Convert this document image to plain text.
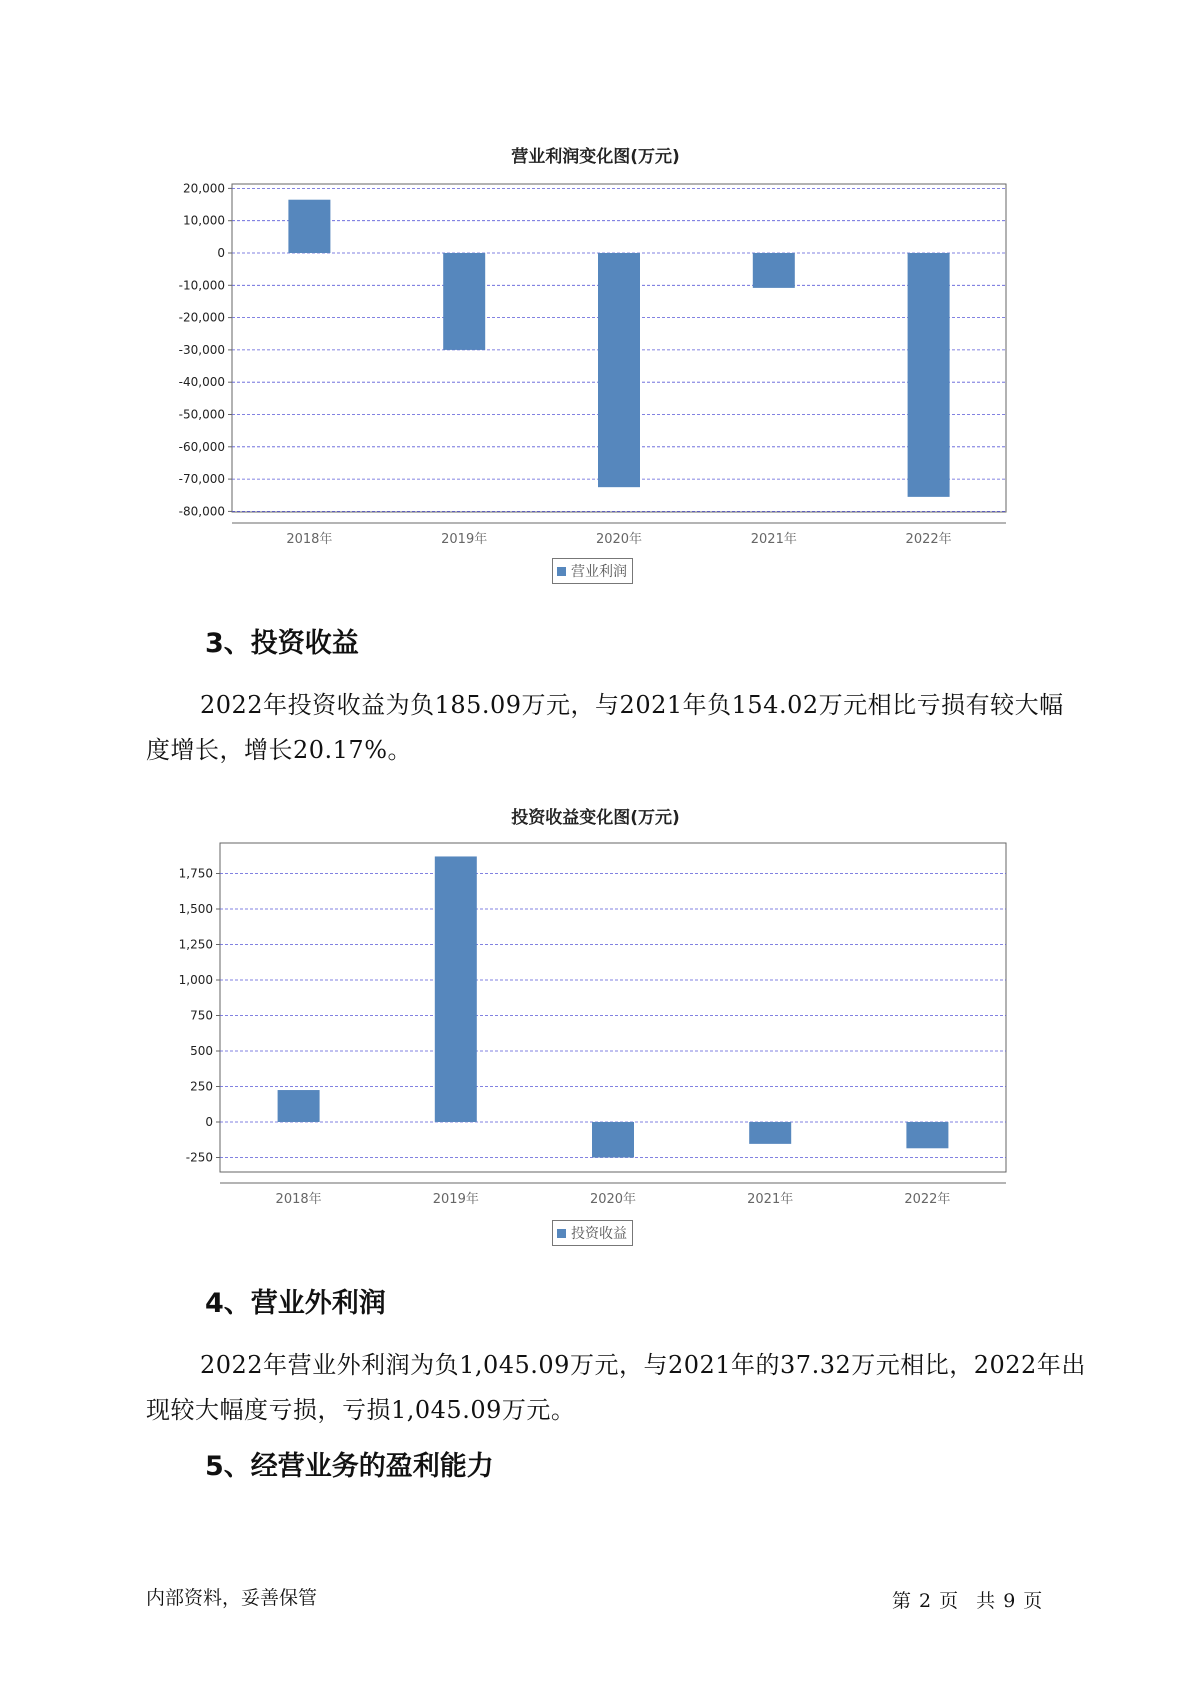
营业利润变化图(万元)
20,000
10,000
0
-10,000
-20,000
-30,000
-40,000
-50,000
-60,000
-70,000
-80,000
2018年	2019年	2020年	2021年	2022年
营业利润
3、投资收益

2022年投资收益为负185.09万元，与2021年负154.02万元相比亏损有较大幅度增长，增长20.17%。

投资收益变化图(万元)
1,750
1,500
1,250
1,000
750
500
250
0
-250
2018年	2019年	2020年	2021年	2022年
投资收益
4、营业外利润

2022年营业外利润为负1,045.09万元，与2021年的37.32万元相比，2022年出现较大幅度亏损，亏损1,045.09万元。

5、经营业务的盈利能力
内部资料，妥善保管	第 2 页 共 9 页
